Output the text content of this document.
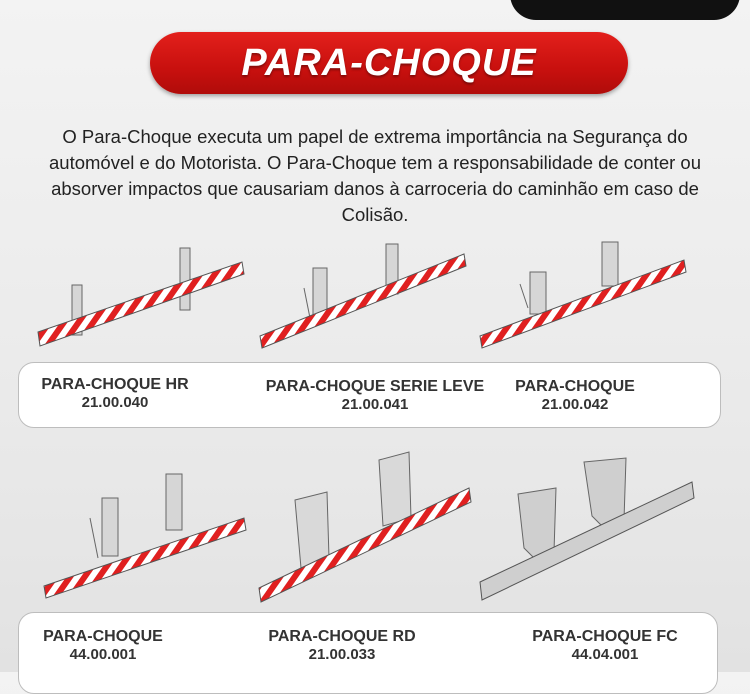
PARA-CHOQUE
O Para-Choque executa um papel de extrema importância na Segurança do automóvel e do Motorista. O Para-Choque tem a responsabilidade de conter ou absorver impactos que causariam danos à carroceria do caminhão em caso de Colisão.
PARA-CHOQUE HR
21.00.040
PARA-CHOQUE SERIE LEVE
21.00.041
PARA-CHOQUE
21.00.042
PARA-CHOQUE
44.00.001
PARA-CHOQUE RD
21.00.033
PARA-CHOQUE FC
44.04.001
